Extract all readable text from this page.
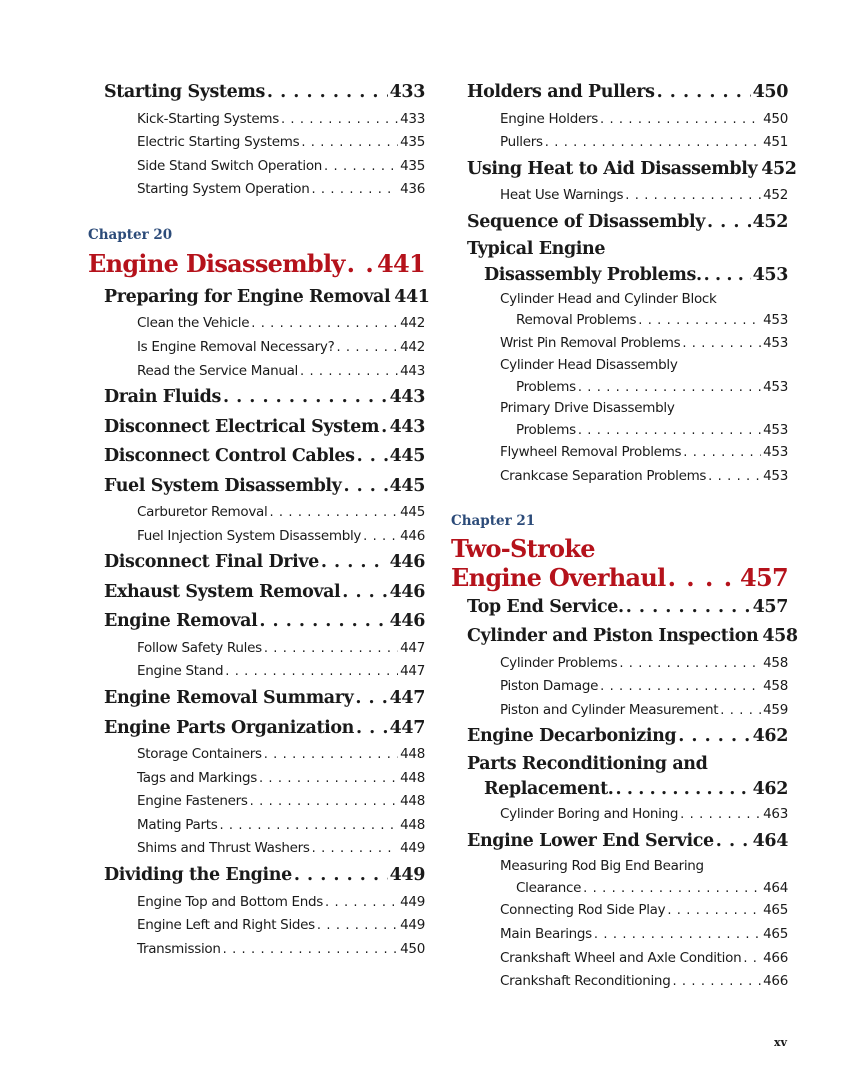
Starting Systems . . .	433
Kick-Starting Systems . . .	433
Electric Starting Systems . . .	435
Side Stand Switch Operation . . .	435
Starting System Operation . . .	436
Chapter 20
Engine Disassembly . . . 441
Preparing for Engine Removal 441
Clean the Vehicle . . .	442
Is Engine Removal Necessary? . . .	442
Read the Service Manual . . .	443
Drain Fluids . . .	443
Disconnect Electrical System . . . 443
Disconnect Control Cables . . . 445
Fuel System Disassembly . . .	445
Carburetor Removal . . .	445
Fuel Injection System Disassembly . . .	446
Disconnect Final Drive . . .	446
Exhaust System Removal . . .	446
Engine Removal . . .	446
Follow Safety Rules . . .	447
Engine Stand . . .	447
Engine Removal Summary . . . 447
Engine Parts Organization . . . 447
Storage Containers . . .	448
Tags and Markings . . .	448
Engine Fasteners . . .	448
Mating Parts . . .	448
Shims and Thrust Washers . . .	449
Dividing the Engine . . .	449
Engine Top and Bottom Ends . . .	449
Engine Left and Right Sides . . .	449
Transmission . . .	450
Holders and Pullers . . .	450
Engine Holders . . .	450
Pullers . . .	451
Using Heat to Aid Disassembly 452
Heat Use Warnings . . .	452
Sequence of Disassembly . . .	452
Typical Engine
Disassembly Problems. . . .	453
Cylinder Head and Cylinder Block
Removal Problems . . .	453
Wrist Pin Removal Problems . . .	453
Cylinder Head Disassembly
Problems . . .	453
Primary Drive Disassembly
Problems . . .	453
Flywheel Removal Problems . . .	453
Crankcase Separation Problems . . .	453
Chapter 21
Two-Stroke
Engine Overhaul . . .	457
Top End Service. . . .	457
Cylinder and Piston Inspection 458
Cylinder Problems . . .	458
Piston Damage . . .	458
Piston and Cylinder Measurement . . .	459
Engine Decarbonizing . . .	462
Parts Reconditioning and
Replacement. . . .	462
Cylinder Boring and Honing . . .	463
Engine Lower End Service . . . 464
Measuring Rod Big End Bearing
Clearance . . .	464
Connecting Rod Side Play . . .	465
Main Bearings . . .	465
Crankshaft Wheel and Axle Condition . . . 466
Crankshaft Reconditioning . . .	466
xv
